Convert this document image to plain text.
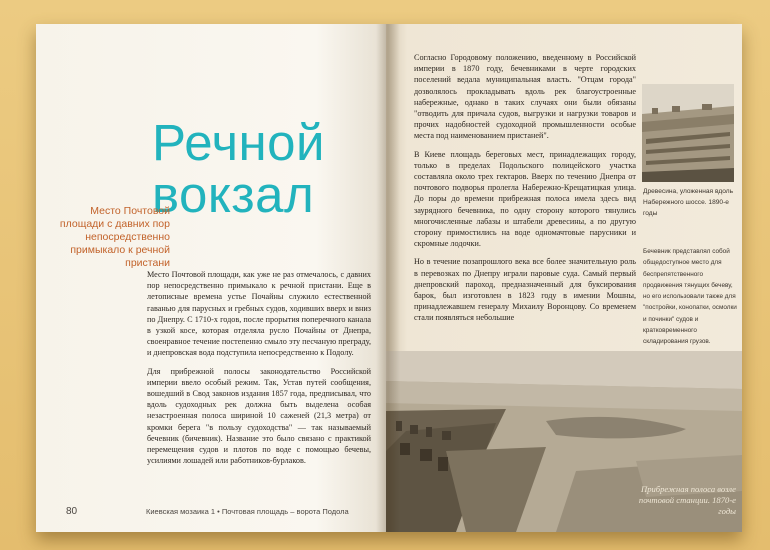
Речной
вокзал
Место Почтовой площади с давних пор непосредственно примыкало к речной пристани

Место Почтовой площади, как уже не раз отмечалось, с давних пор непосредственно примыкало к речной пристани. Еще в летописные времена устье Почайны служило естественной гаванью для парусных и гребных судов, ходивших вверх и вниз по Днепру. С 1710-х годов, после прорытия поперечного канала в узкой косе, которая отделяла русло Почайны от Днепра, своенравное течение постепенно смыло эту песчаную преграду, и днепровская вода подступила непосредственно к Подолу.

Для прибрежной полосы законодательство Российской империи ввело особый режим. Так, Устав путей сообщения, вошедший в Свод законов издания 1857 года, предписывал, что вдоль судоходных рек должна быть выделена особая незастроенная полоса шириной 10 саженей (21,3 метра) от кромки берега "в пользу судоходства" — так называемый бечевник (бичевник). Название это было связано с практикой перемещения судов и плотов по воде с помощью бечевы, усилиями лошадей или работников-бурлаков.

80	Киевская мозаика 1 • Почтовая площадь – ворота Подола

Согласно Городовому положению, введенному в Российской империи в 1870 году, бечевниками в черте городских поселений ведала муниципальная власть. "Отцам города" дозволялось прокладывать вдоль рек благоустроенные набережные, однако в таких случаях они были обязаны "отводить для причала судов, выгрузки и нагрузки товаров и прочих надобностей судоходной промышленности особые места под наименованием пристаней".

В Киеве площадь береговых мест, принадлежащих городу, только в пределах Подольского полицейского участка составляла около трех гектаров. Вверх по течению Днепра от почтового подворья пролегла Набережно-Крещатицкая улица. До поры до времени прибрежная полоса имела здесь вид заурядного бечевника, по одну сторону которого тянулись многочисленные лабазы и штабели древесины, а по другую сторону примостились на воде одномачтовые парусники и скромные лодочки.

Но в течение позапрошлого века все более значительную роль в перевозках по Днепру играли паровые суда. Самый первый днепровский пароход, предназначенный для буксирования барок, был изготовлен в 1823 году в имении Мошны, принадлежавшем генералу Михаилу Воронцову. Со временем стали появляться небольшие

Древесина, уложенная вдоль Набережного шоссе. 1890-е годы
Бечевник представлял собой общедоступное место для беспрепятственного продвижения тянущих бечеву, но его использовали также для "постройки, конопатки, осмолки и починки" судов и кратковременного складирования грузов.
Прибрежная полоса возле почтовой станции. 1870-е годы
